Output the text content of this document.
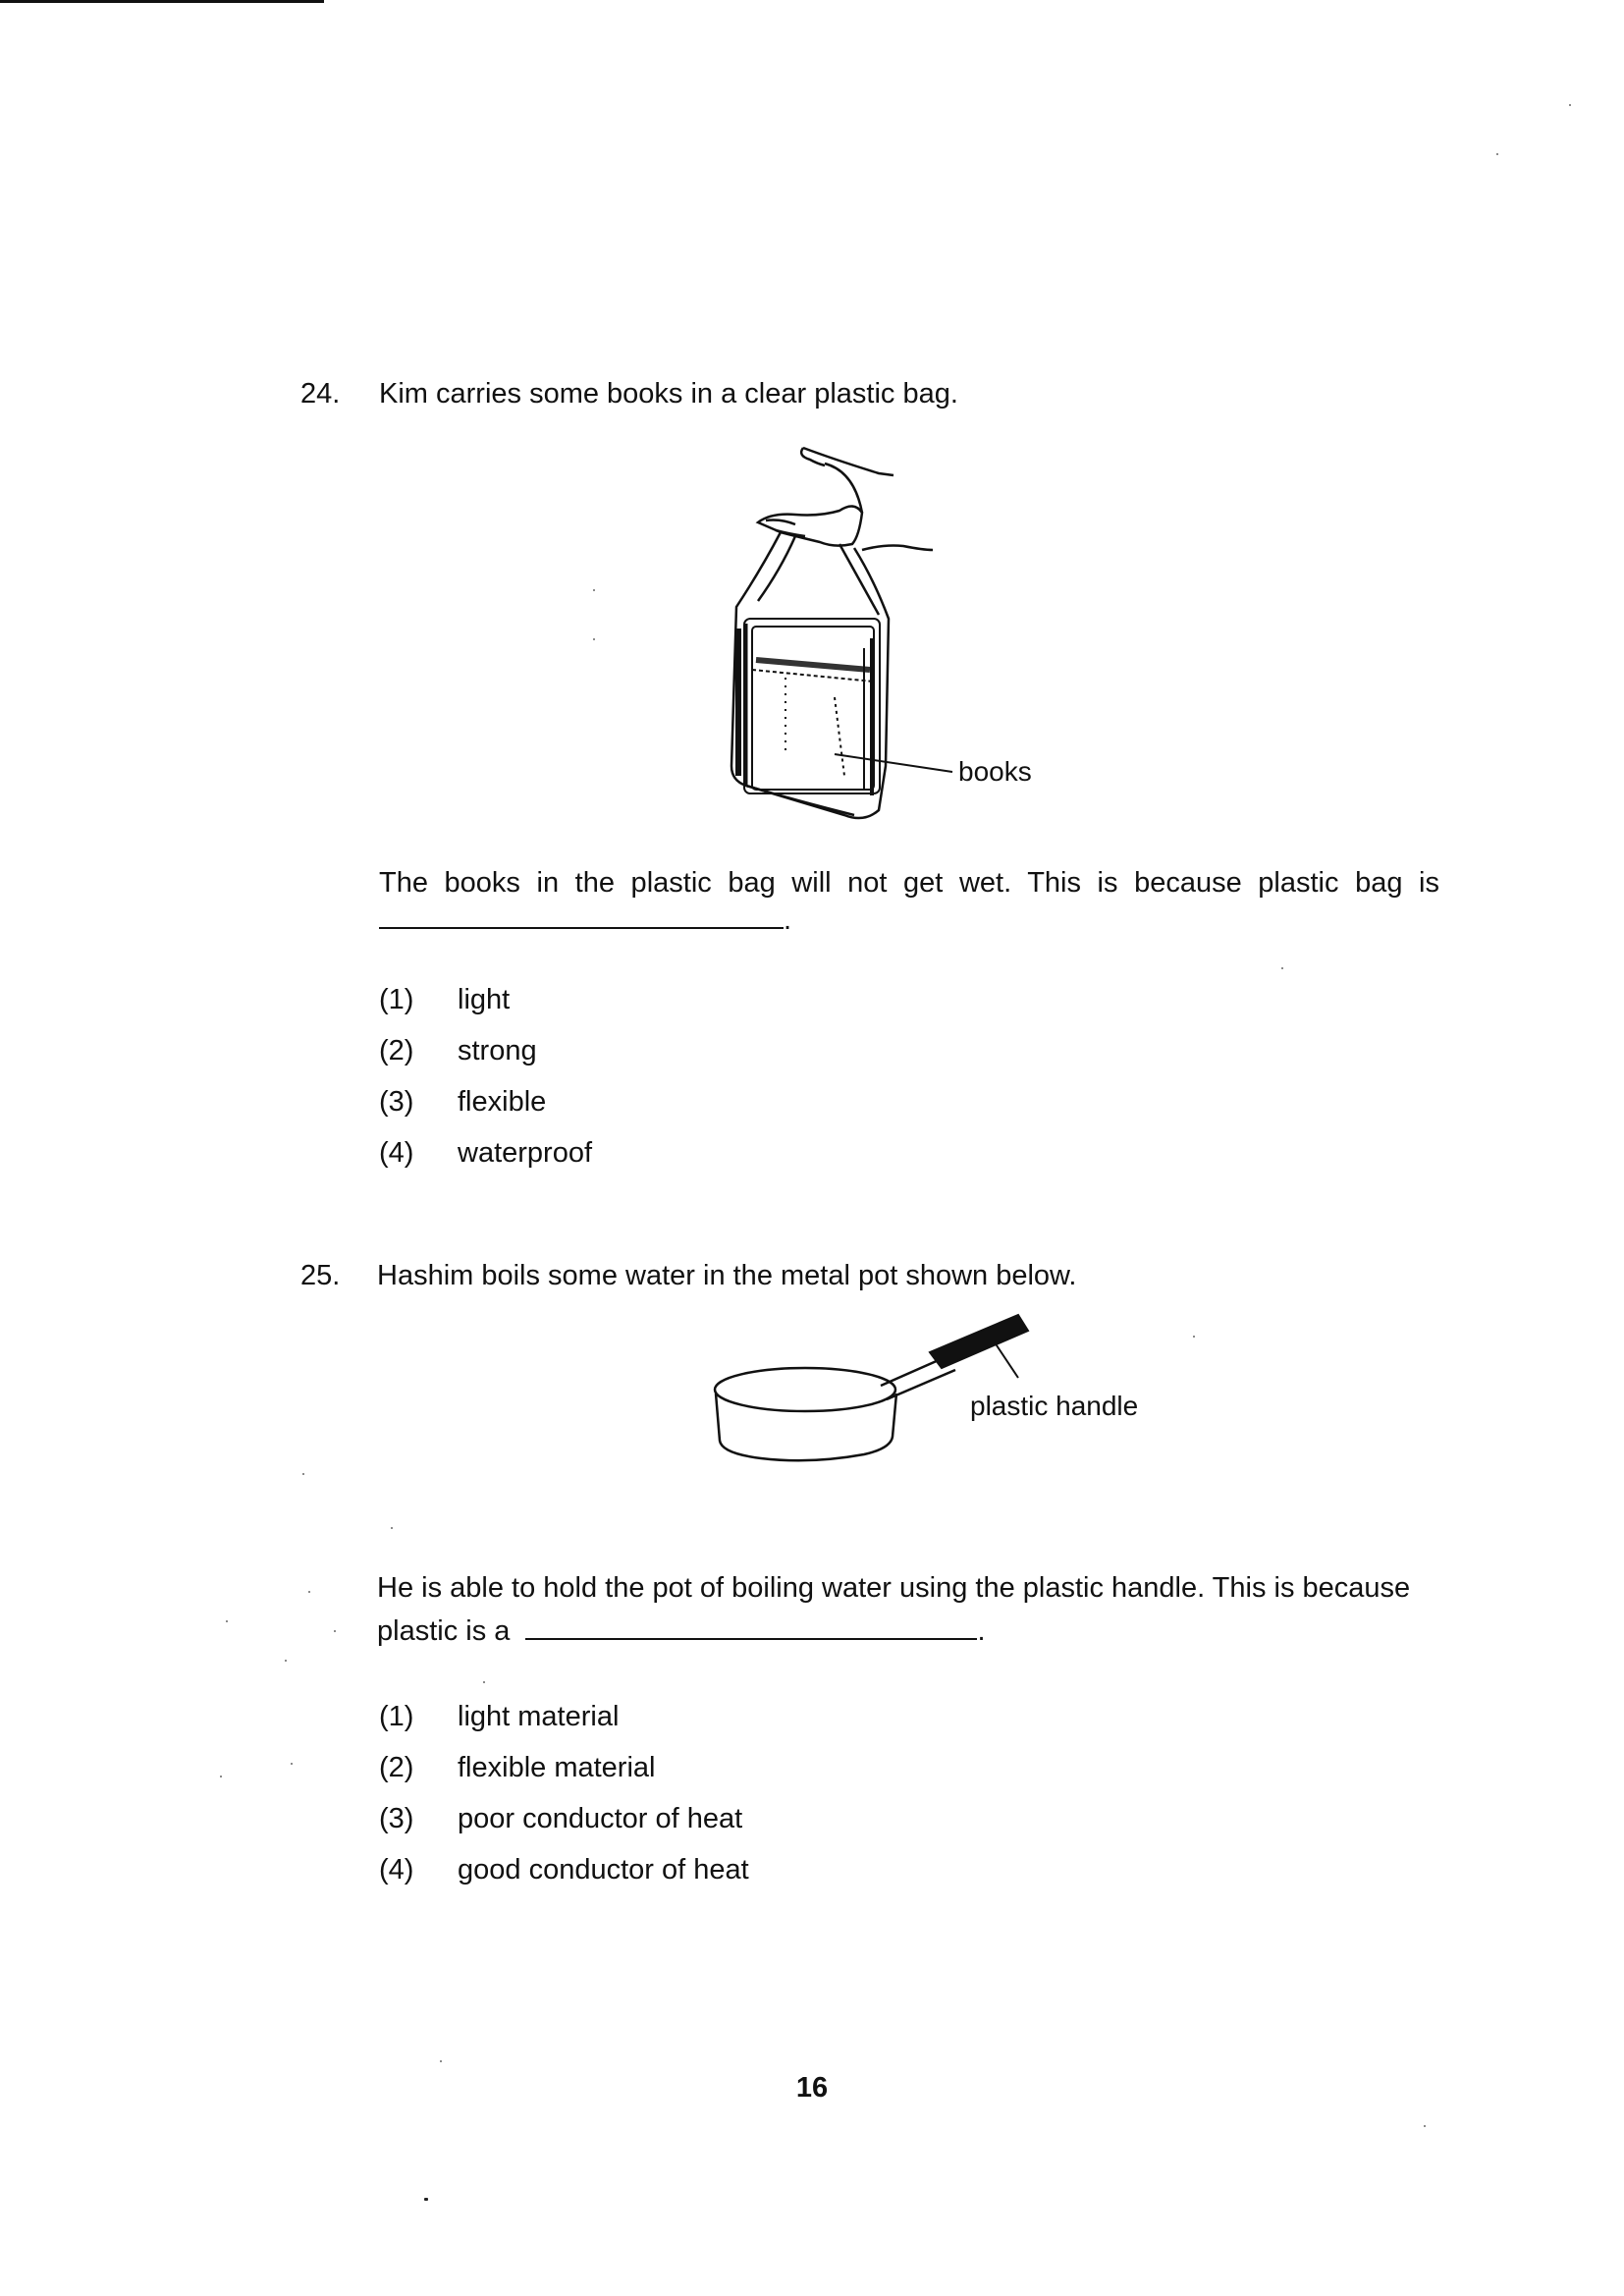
24. Kim carries some books in a clear plastic bag.
books
The books in the plastic bag will not get wet. This is because plastic bag is
.
(1)	light
(2)	strong
(3)	flexible
(4)	waterproof
25. Hashim boils some water in the metal pot shown below.
plastic handle
He is able to hold the pot of boiling water using the plastic handle. This is because
plastic is a	.
(1)	light material
(2)	flexible material
(3)	poor conductor of heat
(4)	good conductor of heat
16
